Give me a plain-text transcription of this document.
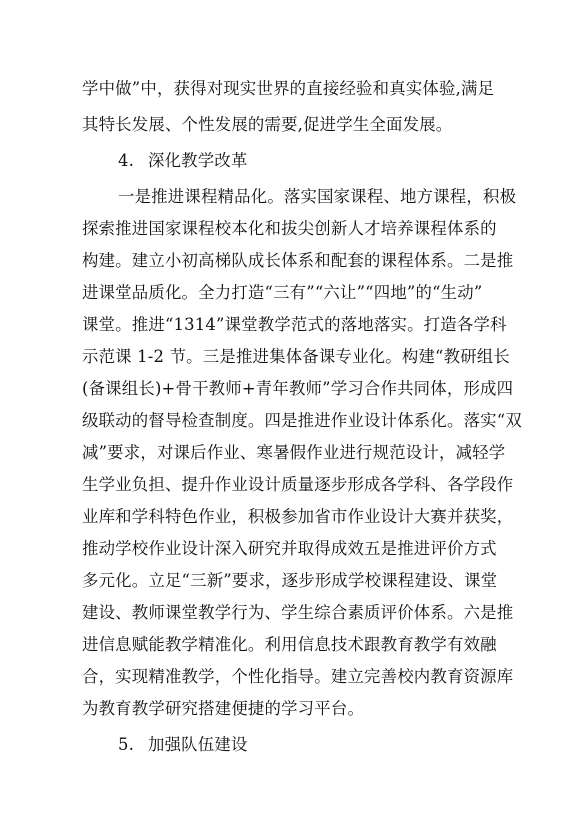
学中做”中，获得对现实世界的直接经验和真实体验,满足
其特长发展、个性发展的需要,促进学生全面发展。
4. 深化教学改革
一是推进课程精品化。落实国家课程、地方课程，积极
探索推进国家课程校本化和拔尖创新人才培养课程体系的
构建。建立小初高梯队成长体系和配套的课程体系。二是推
进课堂品质化。全力打造“三有”“六让”“四地”的“生动”
课堂。推进“1314”课堂教学范式的落地落实。打造各学科
示范课 1-2 节。三是推进集体备课专业化。构建“教研组长
(备课组长)+骨干教师+青年教师”学习合作共同体，形成四
级联动的督导检查制度。四是推进作业设计体系化。落实“双
减”要求，对课后作业、寒暑假作业进行规范设计，减轻学
生学业负担、提升作业设计质量逐步形成各学科、各学段作
业库和学科特色作业，积极参加省市作业设计大赛并获奖，
推动学校作业设计深入研究并取得成效五是推进评价方式
多元化。立足“三新”要求，逐步形成学校课程建设、课堂
建设、教师课堂教学行为、学生综合素质评价体系。六是推
进信息赋能教学精准化。利用信息技术跟教育教学有效融
合，实现精准教学，个性化指导。建立完善校内教育资源库
为教育教学研究搭建便捷的学习平台。
5. 加强队伍建设
